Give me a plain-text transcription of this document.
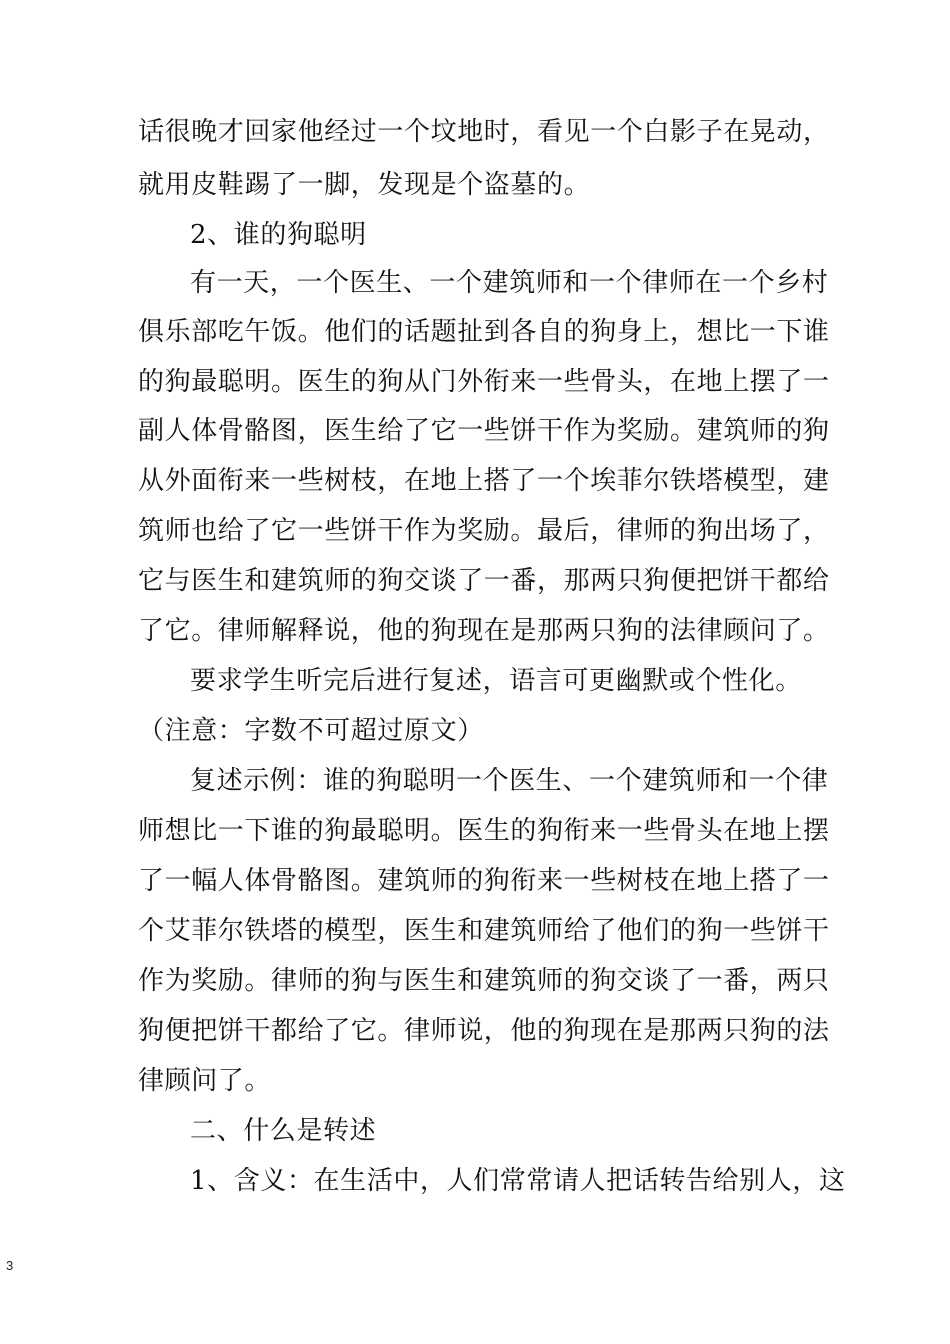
话很晚才回家他经过一个坟地时，看见一个白影子在晃动，
就用皮鞋踢了一脚，发现是个盗墓的。
2、谁的狗聪明
有一天，一个医生、一个建筑师和一个律师在一个乡村
俱乐部吃午饭。他们的话题扯到各自的狗身上，想比一下谁
的狗最聪明。医生的狗从门外衔来一些骨头，在地上摆了一
副人体骨骼图，医生给了它一些饼干作为奖励。建筑师的狗
从外面衔来一些树枝，在地上搭了一个埃菲尔铁塔模型，建
筑师也给了它一些饼干作为奖励。最后，律师的狗出场了，
它与医生和建筑师的狗交谈了一番，那两只狗便把饼干都给
了它。律师解释说，他的狗现在是那两只狗的法律顾问了。
要求学生听完后进行复述，语言可更幽默或个性化。
（注意：字数不可超过原文）
复述示例：谁的狗聪明一个医生、一个建筑师和一个律
师想比一下谁的狗最聪明。医生的狗衔来一些骨头在地上摆
了一幅人体骨骼图。建筑师的狗衔来一些树枝在地上搭了一
个艾菲尔铁塔的模型，医生和建筑师给了他们的狗一些饼干
作为奖励。律师的狗与医生和建筑师的狗交谈了一番，两只
狗便把饼干都给了它。律师说，他的狗现在是那两只狗的法
律顾问了。
二、什么是转述
1、含义：在生活中，人们常常请人把话转告给别人，这
3
